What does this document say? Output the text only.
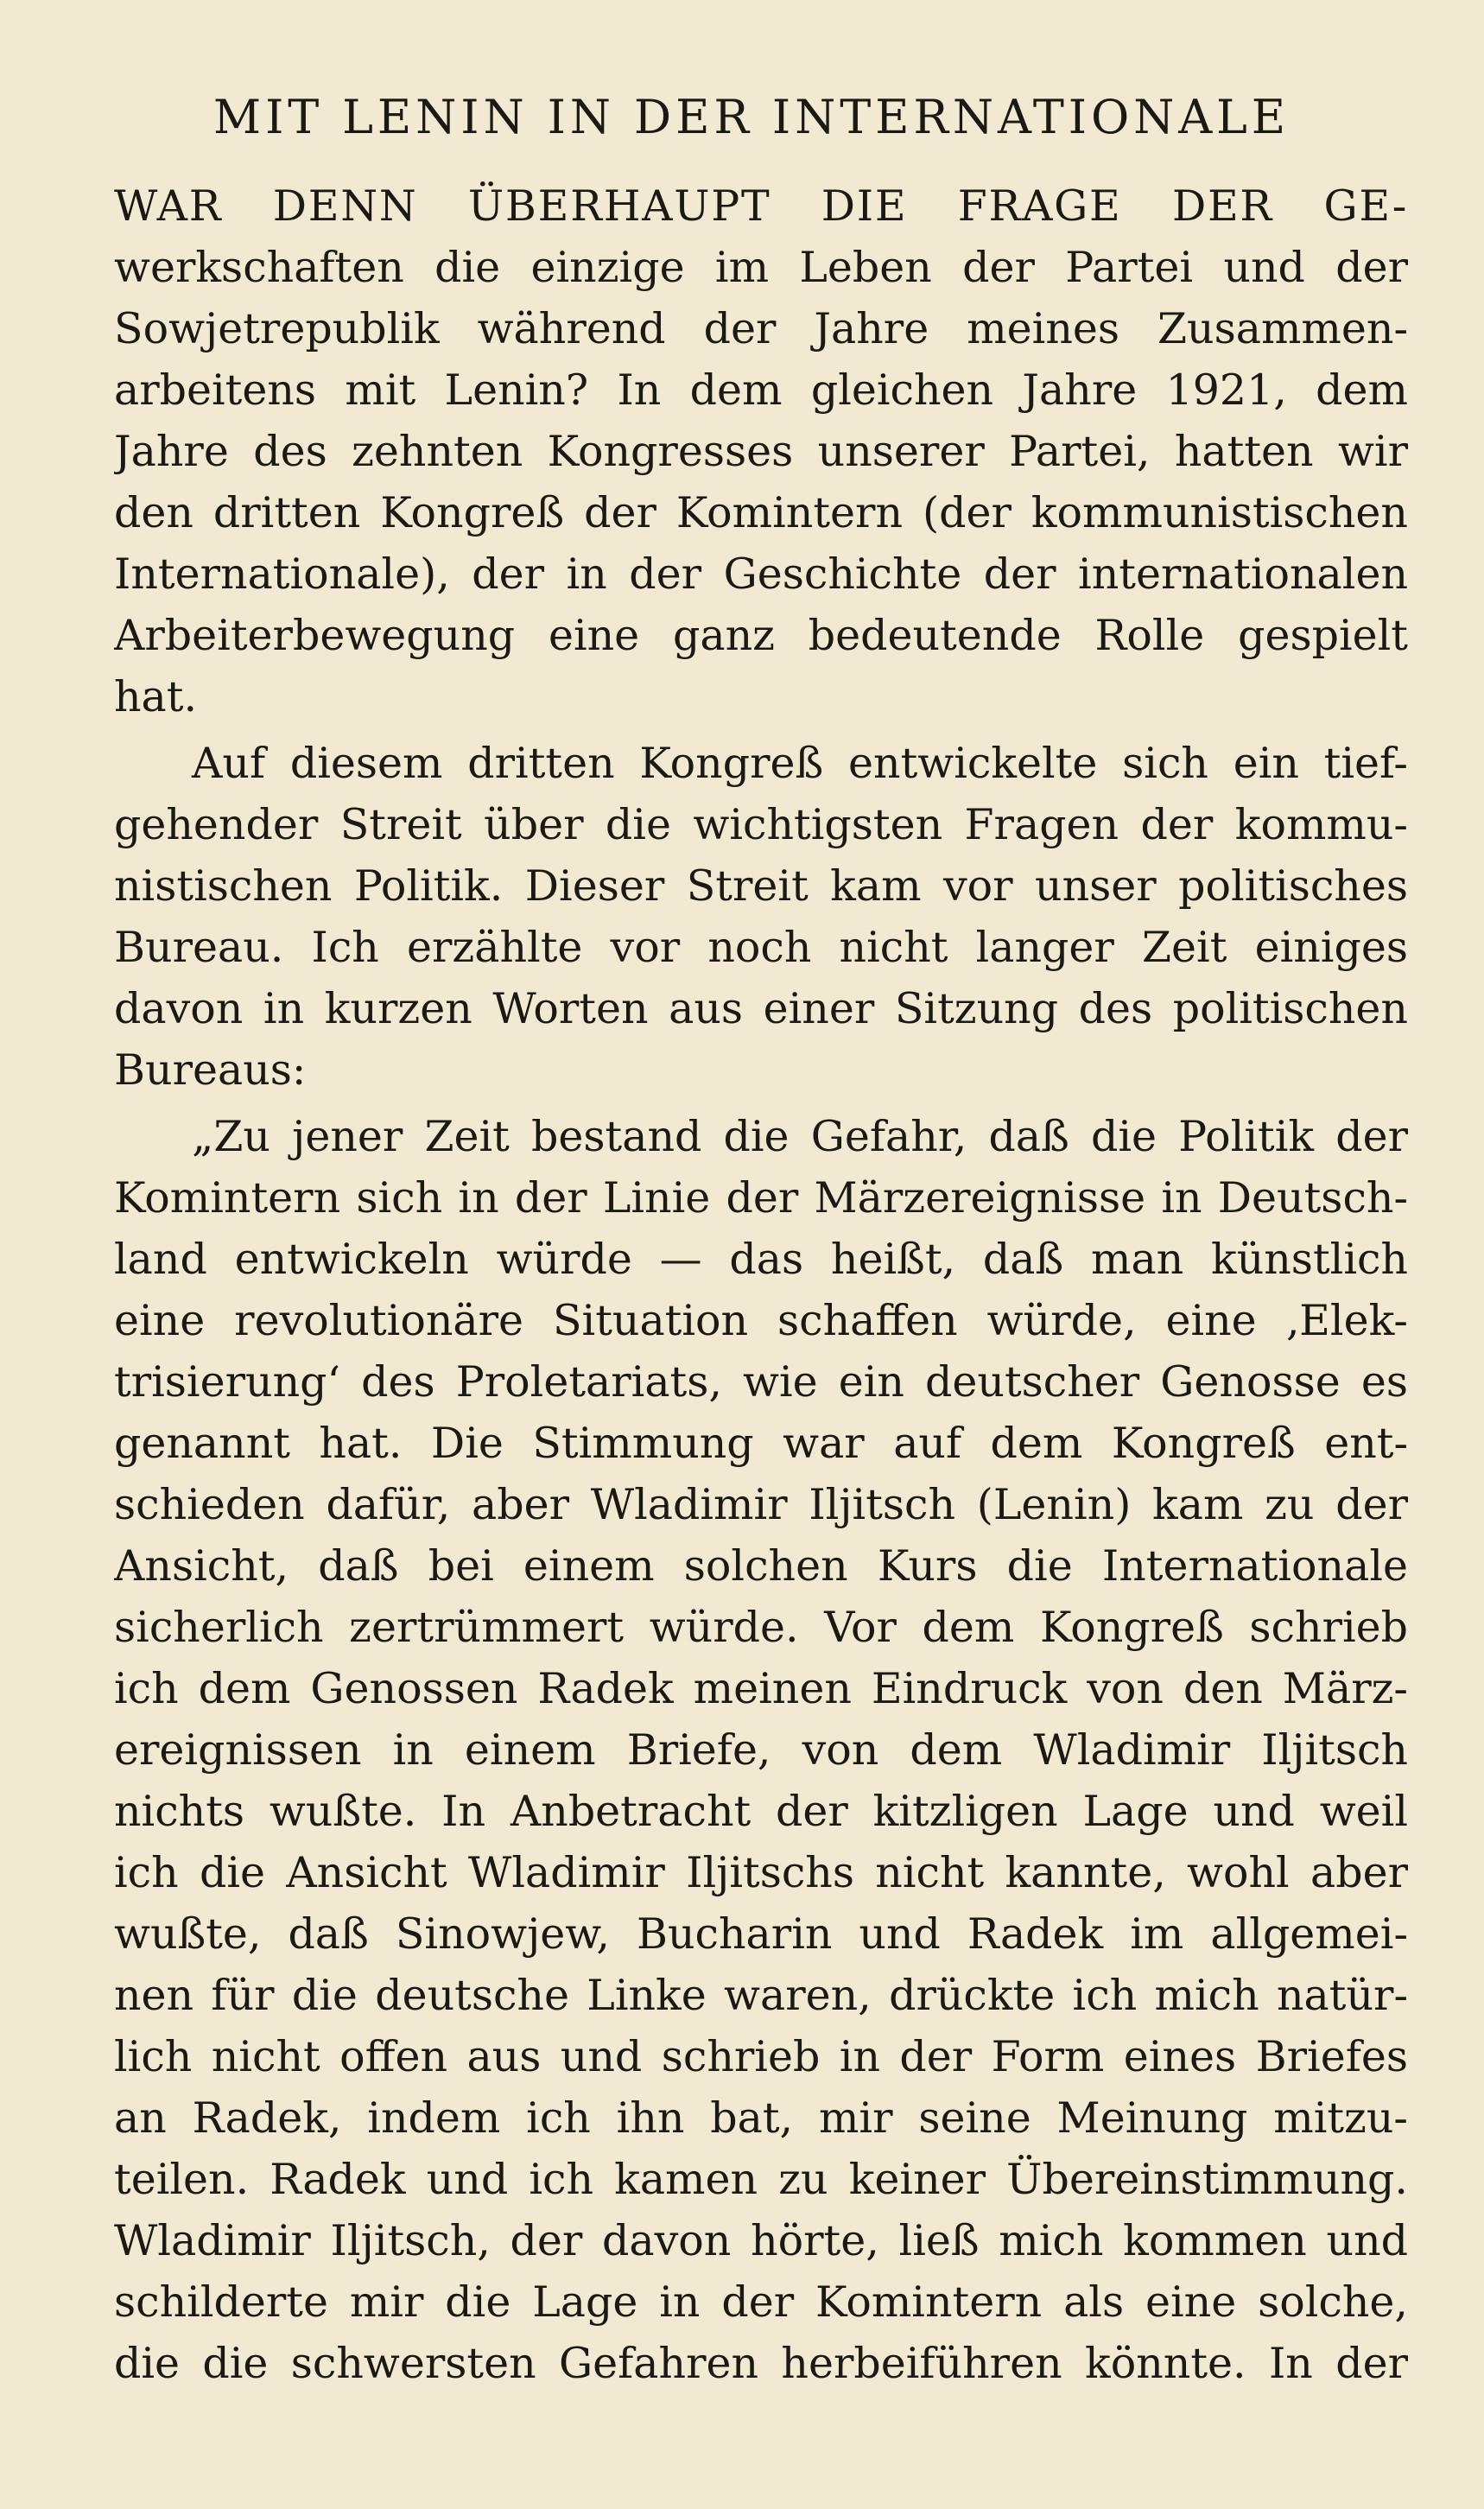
MIT LENIN IN DER INTERNATIONALE
WAR DENN ÜBERHAUPT DIE FRAGE DER GE-
werkschaften die einzige im Leben der Partei und der
Sowjetrepublik während der Jahre meines Zusammen-
arbeitens mit Lenin? In dem gleichen Jahre 1921, dem
Jahre des zehnten Kongresses unserer Partei, hatten wir
den dritten Kongreß der Komintern (der kommunistischen
Internationale), der in der Geschichte der internationalen
Arbeiterbewegung eine ganz bedeutende Rolle gespielt
hat.
Auf diesem dritten Kongreß entwickelte sich ein tief-
gehender Streit über die wichtigsten Fragen der kommu-
nistischen Politik. Dieser Streit kam vor unser politisches
Bureau. Ich erzählte vor noch nicht langer Zeit einiges
davon in kurzen Worten aus einer Sitzung des politischen
Bureaus:
„Zu jener Zeit bestand die Gefahr, daß die Politik der
Komintern sich in der Linie der Märzereignisse in Deutsch-
land entwickeln würde — das heißt, daß man künstlich
eine revolutionäre Situation schaffen würde, eine ‚Elek-
trisierung‘ des Proletariats, wie ein deutscher Genosse es
genannt hat. Die Stimmung war auf dem Kongreß ent-
schieden dafür, aber Wladimir Iljitsch (Lenin) kam zu der
Ansicht, daß bei einem solchen Kurs die Internationale
sicherlich zertrümmert würde. Vor dem Kongreß schrieb
ich dem Genossen Radek meinen Eindruck von den März-
ereignissen in einem Briefe, von dem Wladimir Iljitsch
nichts wußte. In Anbetracht der kitzligen Lage und weil
ich die Ansicht Wladimir Iljitschs nicht kannte, wohl aber
wußte, daß Sinowjew, Bucharin und Radek im allgemei-
nen für die deutsche Linke waren, drückte ich mich natür-
lich nicht offen aus und schrieb in der Form eines Briefes
an Radek, indem ich ihn bat, mir seine Meinung mitzu-
teilen. Radek und ich kamen zu keiner Übereinstimmung.
Wladimir Iljitsch, der davon hörte, ließ mich kommen und
schilderte mir die Lage in der Komintern als eine solche,
die die schwersten Gefahren herbeiführen könnte. In der
